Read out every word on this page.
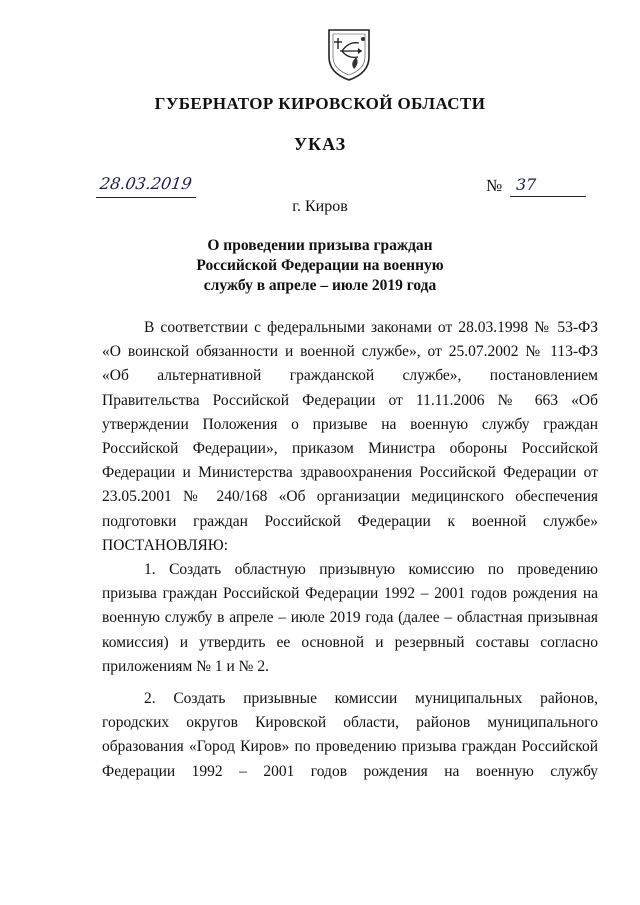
ГУБЕРНАТОР КИРОВСКОЙ ОБЛАСТИ
УКАЗ
28.03.2019	№ 37
г. Киров
О проведении призыва граждан
Российской Федерации на военную
службу в апреле – июле 2019 года

В соответствии с федеральными законами от 28.03.1998 № 53-ФЗ «О воинской обязанности и военной службе», от 25.07.2002 № 113-ФЗ «Об альтернативной гражданской службе», постановлением Правительства Российской Федерации от 11.11.2006 № 663 «Об утверждении Положения о призыве на военную службу граждан Российской Федерации», приказом Министра обороны Российской Федерации и Министерства здравоохранения Российской Федерации от 23.05.2001 № 240/168 «Об организации медицинского обеспечения подготовки граждан Российской Федерации к военной службе»

ПОСТАНОВЛЯЮ:

1. Создать областную призывную комиссию по проведению призыва граждан Российской Федерации 1992 – 2001 годов рождения на военную службу в апреле – июле 2019 года (далее – областная призывная комиссия) и утвердить ее основной и резервный составы согласно приложениям № 1 и № 2.

2. Создать призывные комиссии муниципальных районов, городских округов Кировской области, районов муниципального образования «Город Киров» по проведению призыва граждан Российской Федерации 1992 – 2001 годов рождения на военную службу
